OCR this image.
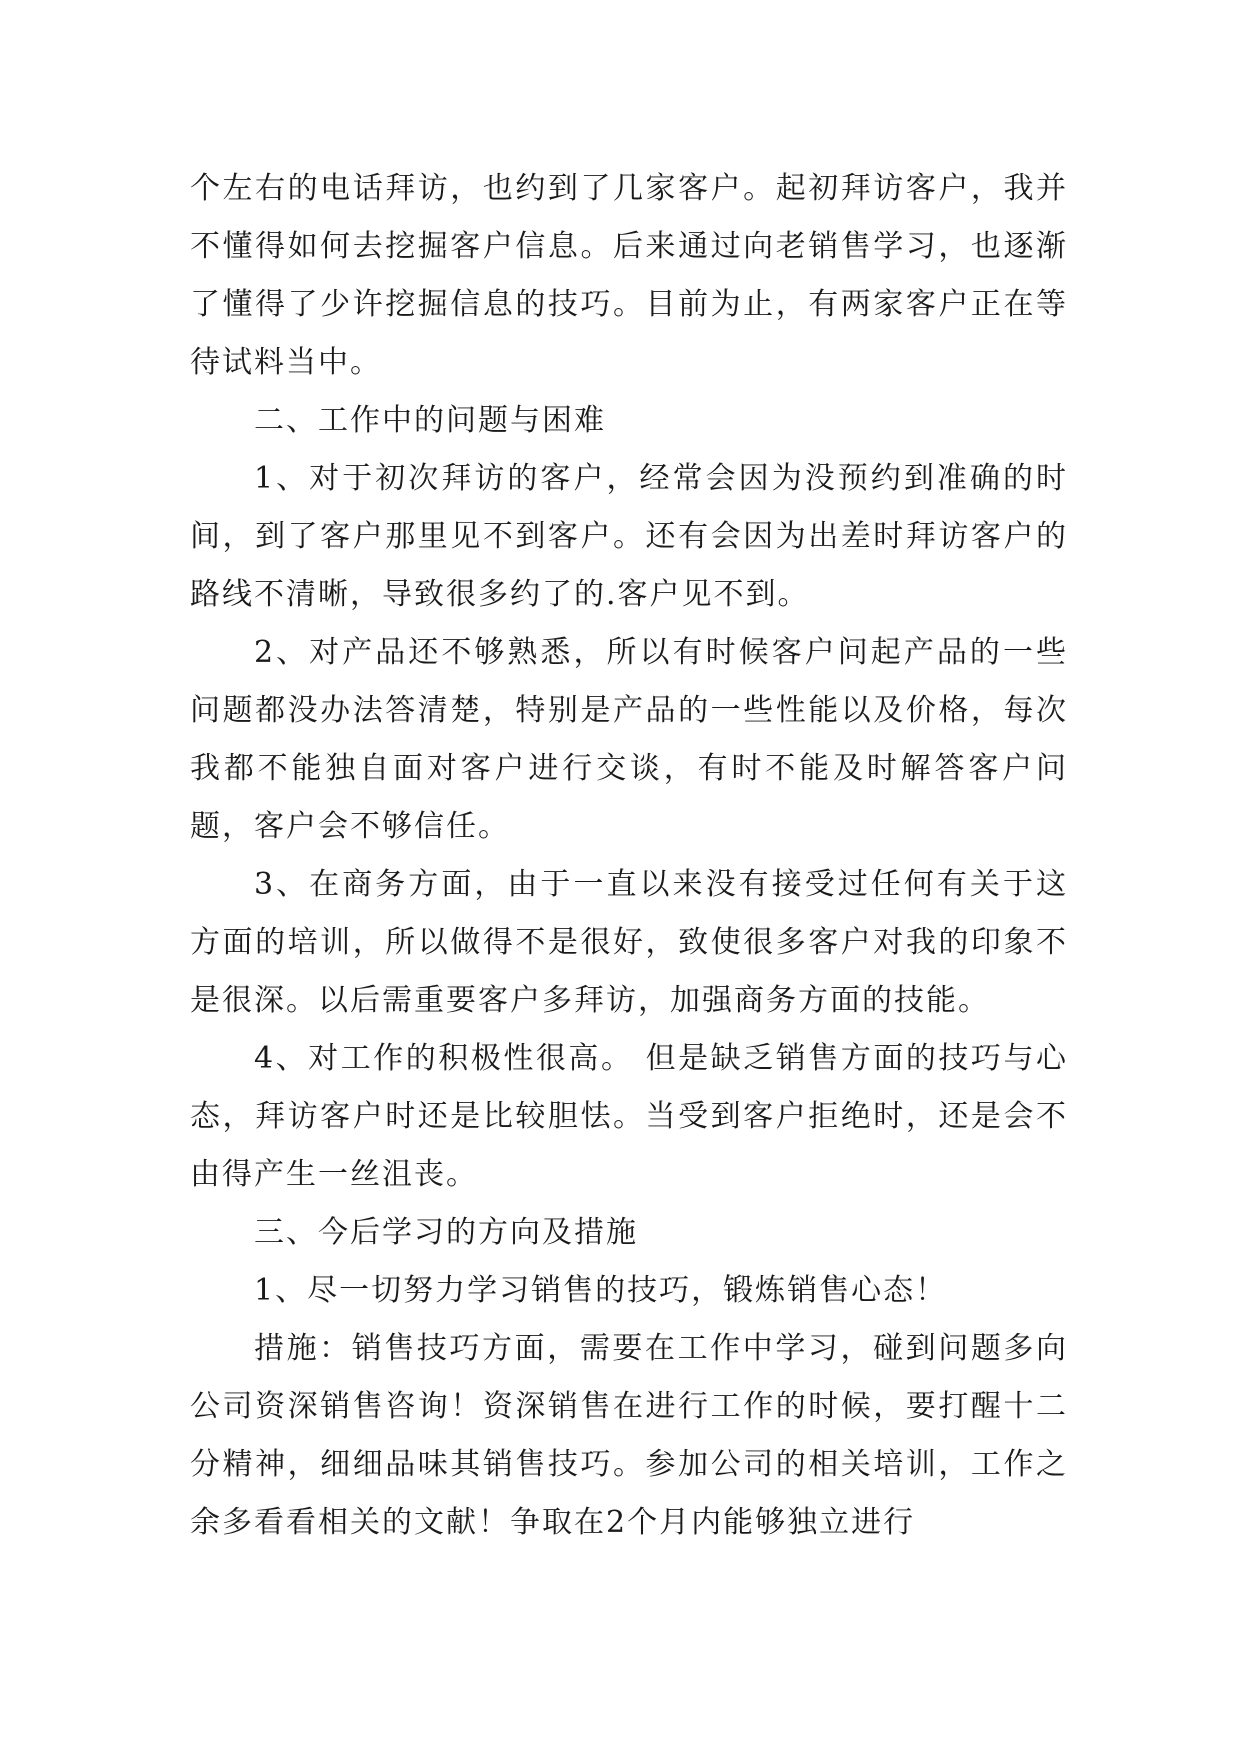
个左右的电话拜访，也约到了几家客户。起初拜访客户，我并不懂得如何去挖掘客户信息。后来通过向老销售学习，也逐渐了懂得了少许挖掘信息的技巧。目前为止，有两家客户正在等待试料当中。

二、工作中的问题与困难

1、对于初次拜访的客户，经常会因为没预约到准确的时间，到了客户那里见不到客户。还有会因为出差时拜访客户的路线不清晰，导致很多约了的.客户见不到。

2、对产品还不够熟悉，所以有时候客户问起产品的一些问题都没办法答清楚，特别是产品的一些性能以及价格，每次我都不能独自面对客户进行交谈，有时不能及时解答客户问题，客户会不够信任。

3、在商务方面，由于一直以来没有接受过任何有关于这方面的培训，所以做得不是很好，致使很多客户对我的印象不是很深。以后需重要客户多拜访，加强商务方面的技能。

4、对工作的积极性很高。 但是缺乏销售方面的技巧与心态，拜访客户时还是比较胆怯。当受到客户拒绝时，还是会不由得产生一丝沮丧。

三、今后学习的方向及措施

1、尽一切努力学习销售的技巧，锻炼销售心态！

措施：销售技巧方面，需要在工作中学习，碰到问题多向公司资深销售咨询！资深销售在进行工作的时候，要打醒十二分精神，细细品味其销售技巧。参加公司的相关培训，工作之余多看看相关的文献！争取在2个月内能够独立进行
